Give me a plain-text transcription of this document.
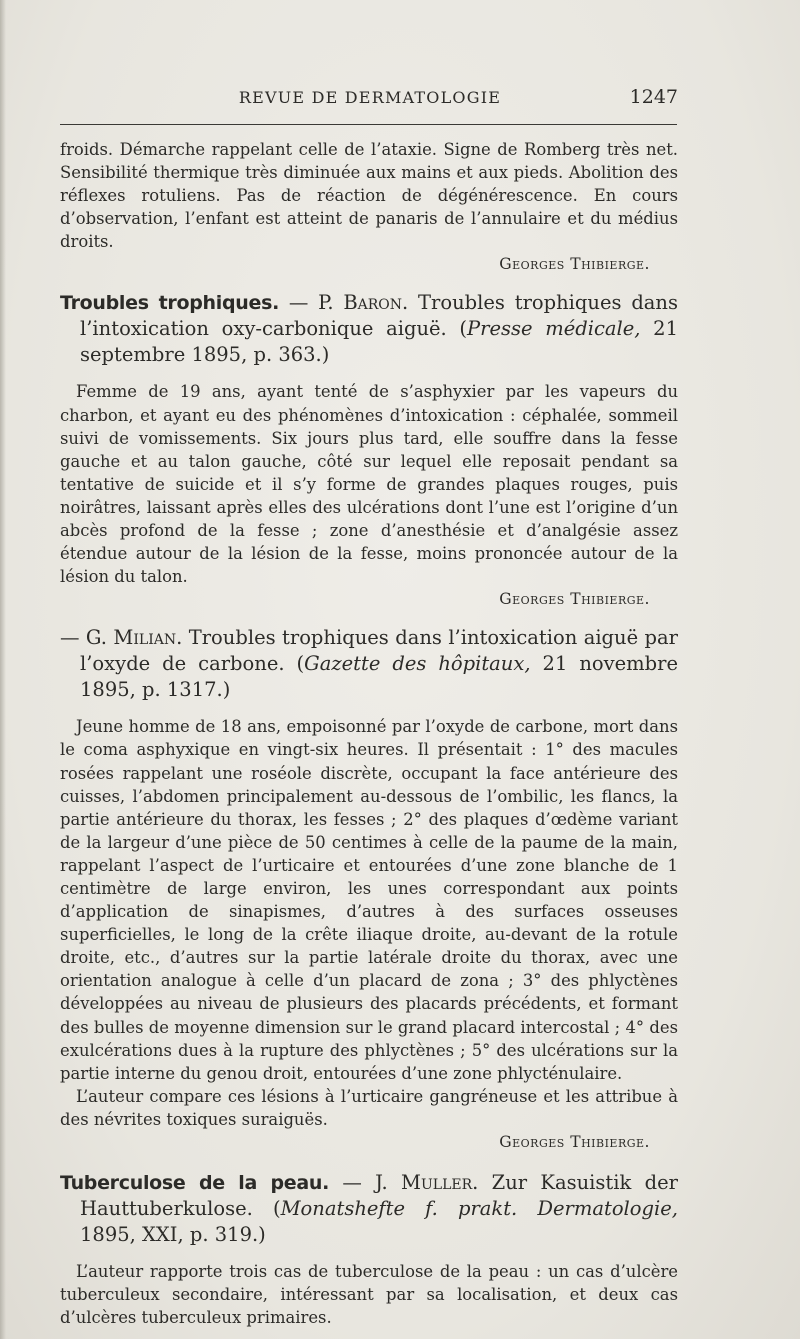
REVUE DE DERMATOLOGIE	1247

froids. Démarche rappelant celle de l’ataxie. Signe de Romberg très net. Sensibilité thermique très diminuée aux mains et aux pieds. Abolition des réflexes rotuliens. Pas de réaction de dégénérescence. En cours d’observation, l’enfant est atteint de panaris de l’annulaire et du médius droits.

Georges Thibierge.
Troubles trophiques. — P. Baron. Troubles trophiques dans l’intoxication oxy-carbonique aiguë. (Presse médicale, 21 septembre 1895, p. 363.)

Femme de 19 ans, ayant tenté de s’asphyxier par les vapeurs du charbon, et ayant eu des phénomènes d’intoxication : céphalée, sommeil suivi de vomissements. Six jours plus tard, elle souffre dans la fesse gauche et au talon gauche, côté sur lequel elle reposait pendant sa tentative de suicide et il s’y forme de grandes plaques rouges, puis noirâtres, laissant après elles des ulcérations dont l’une est l’origine d’un abcès profond de la fesse ; zone d’anesthésie et d’analgésie assez étendue autour de la lésion de la fesse, moins prononcée autour de la lésion du talon.

Georges Thibierge.
— G. Milian. Troubles trophiques dans l’intoxication aiguë par l’oxyde de carbone. (Gazette des hôpitaux, 21 novembre 1895, p. 1317.)

Jeune homme de 18 ans, empoisonné par l’oxyde de carbone, mort dans le coma asphyxique en vingt-six heures. Il présentait : 1° des macules rosées rappelant une roséole discrète, occupant la face antérieure des cuisses, l’abdomen principalement au-dessous de l’ombilic, les flancs, la partie antérieure du thorax, les fesses ; 2° des plaques d’œdème variant de la largeur d’une pièce de 50 centimes à celle de la paume de la main, rappelant l’aspect de l’urticaire et entourées d’une zone blanche de 1 centimètre de large environ, les unes correspondant aux points d’application de sinapismes, d’autres à des surfaces osseuses superficielles, le long de la crête iliaque droite, au-devant de la rotule droite, etc., d’autres sur la partie latérale droite du thorax, avec une orientation analogue à celle d’un placard de zona ; 3° des phlyctènes développées au niveau de plusieurs des placards précédents, et formant des bulles de moyenne dimension sur le grand placard intercostal ; 4° des exulcérations dues à la rupture des phlyctènes ; 5° des ulcérations sur la partie interne du genou droit, entourées d’une zone phlycténulaire.

L’auteur compare ces lésions à l’urticaire gangréneuse et les attribue à des névrites toxiques suraiguës.

Georges Thibierge.
Tuberculose de la peau. — J. Muller. Zur Kasuistik der Hauttuberkulose. (Monatshefte f. prakt. Dermatologie, 1895, XXI, p. 319.)

L’auteur rapporte trois cas de tuberculose de la peau : un cas d’ulcère tuberculeux secondaire, intéressant par sa localisation, et deux cas d’ulcères tuberculeux primaires.
